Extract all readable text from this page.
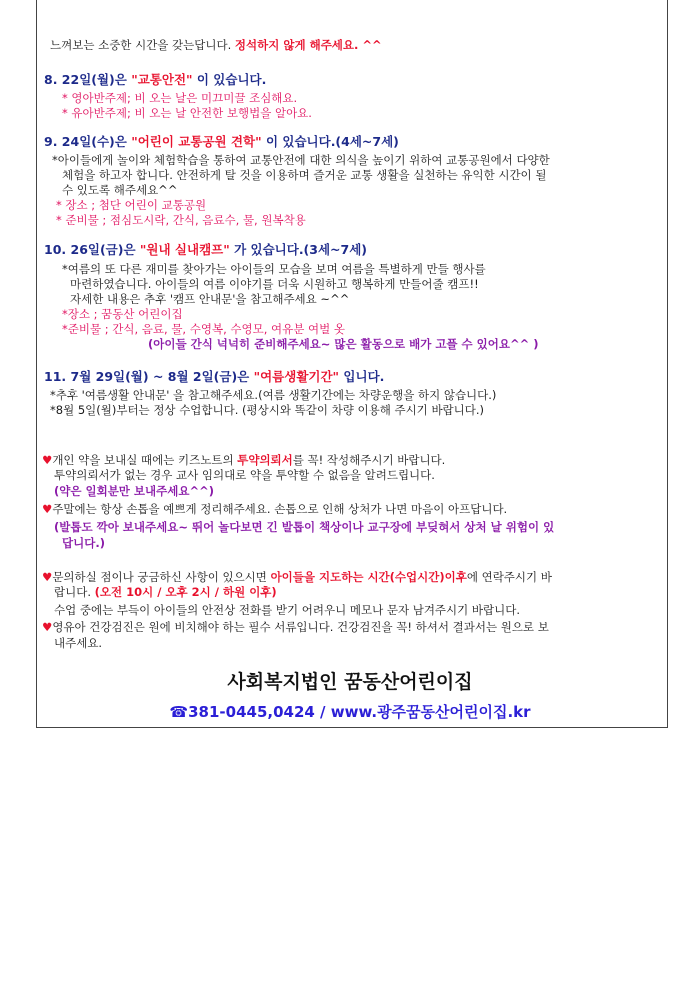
느껴보는 소중한 시간을 갖는답니다. 정석하지 않게 해주세요. ^^
8. 22일(월)은 "교통안전" 이 있습니다.
* 영아반주제; 비 오는 날은 미끄미끌 조심해요.
* 유아반주제; 비 오는 날 안전한 보행법을 알아요.
9. 24일(수)은 "어린이 교통공원 견학" 이 있습니다.(4세~7세)
*아이들에게 놀이와 체험학습을 통하여 교통안전에 대한 의식을 높이기 위하여 교통공원에서 다양한
체험을 하고자 합니다. 안전하게 탈 것을 이용하며 즐거운 교통 생활을 실천하는 유익한 시간이 될
수 있도록 해주세요^^
* 장소 ; 첨단 어린이 교통공원
* 준비물 ; 점심도시락, 간식, 음료수, 물, 원복착용
10. 26일(금)은 "원내 실내캠프" 가 있습니다.(3세~7세)
*여름의 또 다른 재미를 찾아가는 아이들의 모습을 보며 여름을 특별하게 만들 행사를
마련하였습니다. 아이들의 여름 이야기를 더욱 시원하고 행복하게 만들어줄 캠프!!
자세한 내용은 추후 '캠프 안내문'을 참고해주세요 ~^^
*장소 ; 꿈동산 어린이집
*준비물 ; 간식, 음료, 물, 수영복, 수영모, 여유분 여벌 옷
(아이들 간식 넉넉히 준비해주세요~ 많은 활동으로 배가 고플 수 있어요^^ )
11. 7월 29일(월) ~ 8월 2일(금)은 "여름생활기간" 입니다.
*추후 '여름생활 안내문' 을 참고해주세요.(여름 생활기간에는 차량운행을 하지 않습니다.)
*8월 5일(월)부터는 정상 수업합니다. (평상시와 똑같이 차량 이용해 주시기 바랍니다.)
♥개인 약을 보내실 때에는 키즈노트의 투약의뢰서를 꼭! 작성해주시기 바랍니다.
투약의뢰서가 없는 경우 교사 임의대로 약을 투약할 수 없음을 알려드립니다.
(약은 일회분만 보내주세요^^)
♥주말에는 항상 손톱을 예쁘게 정리해주세요. 손톱으로 인해 상처가 나면 마음이 아프답니다.
(발톱도 깍아 보내주세요~ 뛰어 놀다보면 긴 발톱이 책상이나 교구장에 부딪혀서 상처 날 위험이 있
답니다.)
♥문의하실 점이나 궁금하신 사항이 있으시면 아이들을 지도하는 시간(수업시간)이후에 연락주시기 바
랍니다. (오전 10시 / 오후 2시 / 하원 이후)
수업 중에는 부득이 아이들의 안전상 전화를 받기 어려우니 메모나 문자 남겨주시기 바랍니다.
♥영유아 건강검진은 원에 비치해야 하는 필수 서류입니다. 건강검진을 꼭! 하셔서 결과서는 원으로 보
내주세요.
사회복지법인 꿈동산어린이집
☎381-0445,0424 / www.광주꿈동산어린이집.kr
